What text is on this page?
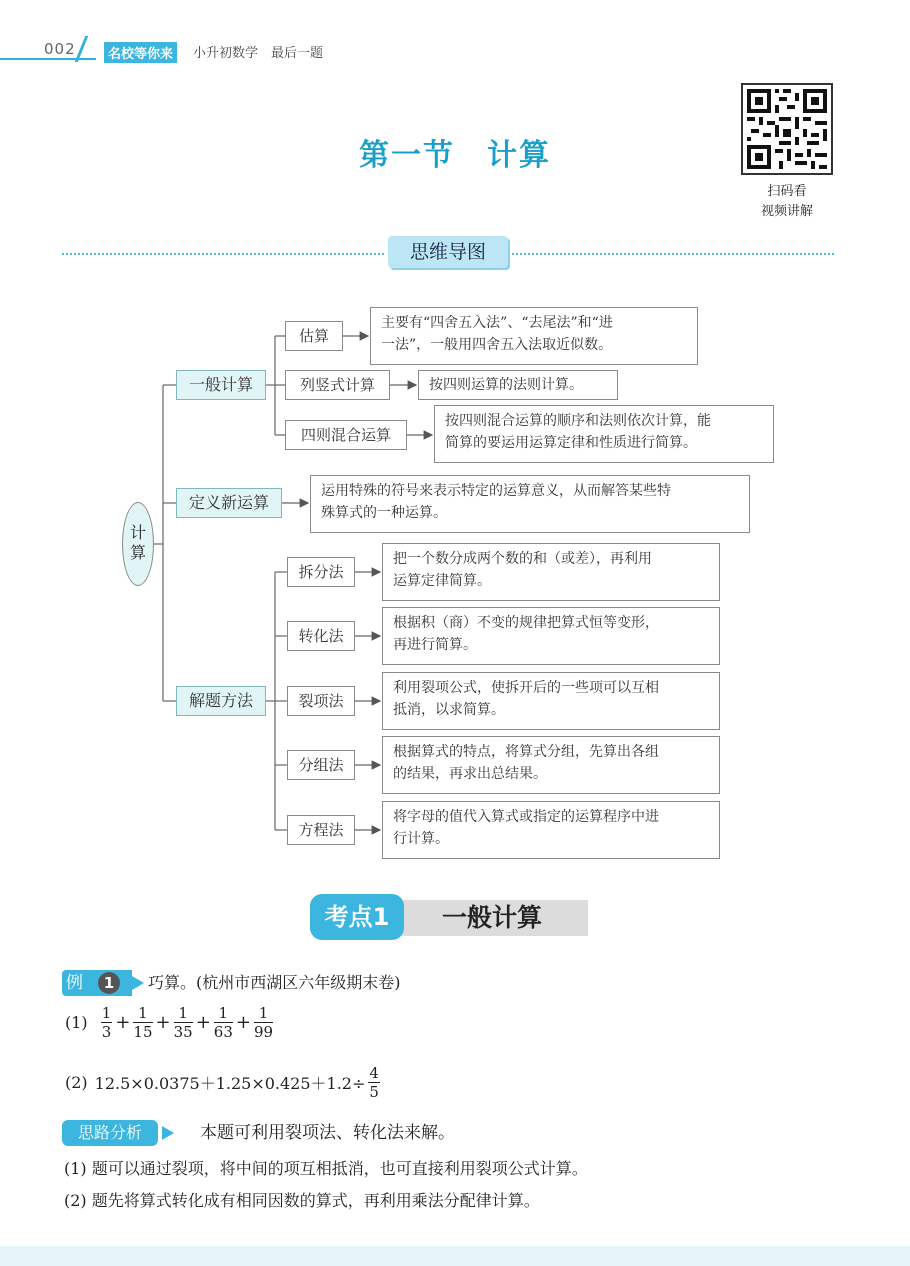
002	名校等你来	小升初数学　最后一题
第一节　计算
扫码看
视频讲解
思维导图
计
算
一般计算
定义新运算
解题方法
估算
主要有“四舍五入法”、“去尾法”和“进
一法”，一般用四舍五入法取近似数。
列竖式计算	按四则运算的法则计算。
四则混合运算
按四则混合运算的顺序和法则依次计算，能
简算的要运用运算定律和性质进行简算。
运用特殊的符号来表示特定的运算意义，从而解答某些特
殊算式的一种运算。
拆分法
把一个数分成两个数的和（或差），再利用
运算定律简算。
转化法
根据积（商）不变的规律把算式恒等变形，
再进行简算。
裂项法
利用裂项公式，使拆开后的一些项可以互相
抵消，以求简算。
分组法
根据算式的特点，将算式分组，先算出各组
的结果，再求出总结果。
方程法
将字母的值代入算式或指定的运算程序中进
行计算。
一般计算
考点1
例	1	巧算。(杭州市西湖区六年级期末卷)
$(1) \frac{1}{3} + \frac{1}{15} + \frac{1}{35} + \frac{1}{63} + \frac{1}{99}$
(2) $12.5\times 0.0375+1.25\times 0.425+1.2\div \frac{4}{5}$
思路分析	本题可利用裂项法、转化法来解。
(1) 题可以通过裂项，将中间的项互相抵消，也可直接利用裂项公式计算。
(2) 题先将算式转化成有相同因数的算式，再利用乘法分配律计算。
